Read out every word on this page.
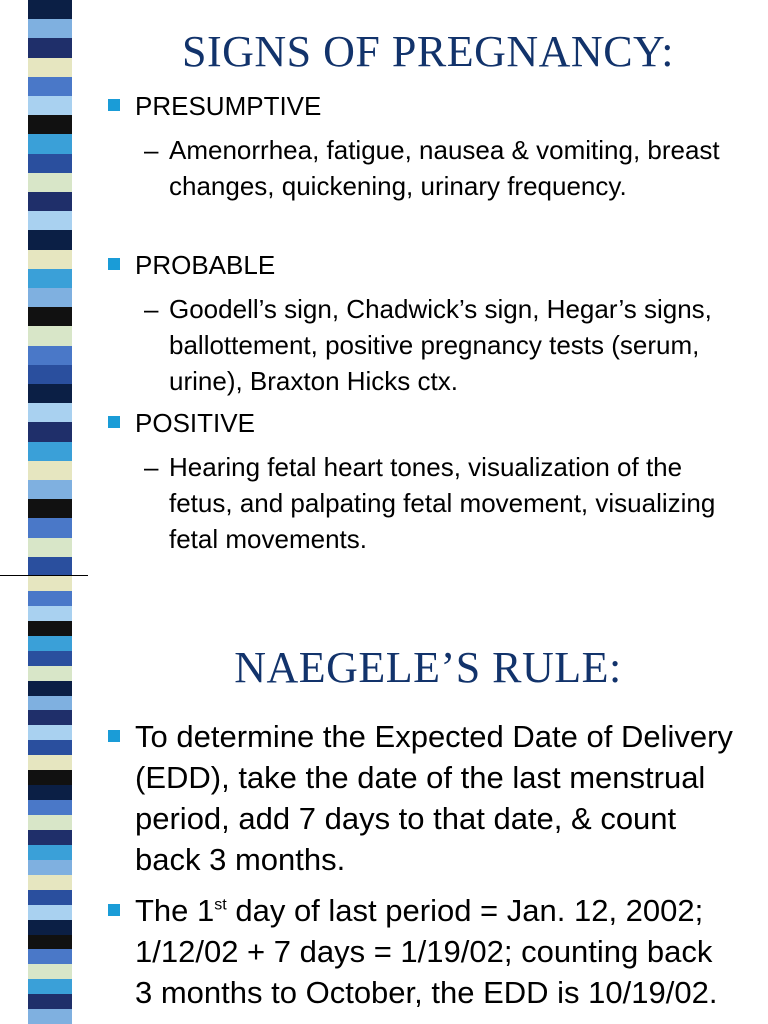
SIGNS OF PREGNANCY:
PRESUMPTIVE
– Amenorrhea, fatigue, nausea & vomiting, breast changes, quickening, urinary frequency.
PROBABLE
– Goodell’s sign, Chadwick’s sign, Hegar’s signs, ballottement, positive pregnancy tests (serum, urine), Braxton Hicks ctx.
POSITIVE
– Hearing fetal heart tones, visualization of the fetus, and palpating fetal movement, visualizing fetal movements.
NAEGELE’S RULE:
To determine the Expected Date of Delivery (EDD), take the date of the last menstrual period, add 7 days to that date, & count back 3 months.
The 1st day of last period = Jan. 12, 2002; 1/12/02 + 7 days = 1/19/02; counting back 3 months to October, the EDD is 10/19/02.
